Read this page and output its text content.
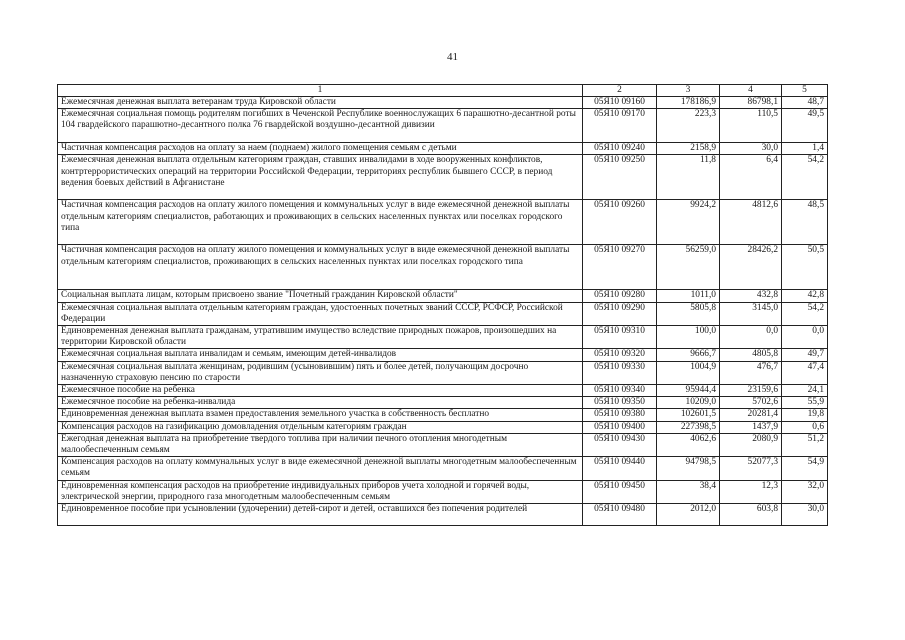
41
1	2	3	4	5
Ежемесячная денежная выплата ветеранам труда Кировской области	05Я10 09160	178186,9	86798,1	48,7
Ежемесячная социальная помощь родителям погибших в Чеченской Республике военнослужащих 6 парашютно-десантной роты 104 гвардейского парашютно-десантного полка 76 гвардейской воздушно-десантной дивизии	05Я10 09170	223,3	110,5	49,5
Частичная компенсация расходов на оплату за наем (поднаем) жилого помещения семьям с детьми	05Я10 09240	2158,9	30,0	1,4
Ежемесячная денежная выплата отдельным категориям граждан, ставших инвалидами в ходе вооруженных конфликтов, контртеррористических операций на территории Российской Федерации, территориях республик бывшего СССР, в период ведения боевых действий в Афганистане	05Я10 09250	11,8	6,4	54,2
Частичная компенсация расходов на оплату жилого помещения и коммунальных услуг в виде ежемесячной денежной выплаты отдельным категориям специалистов, работающих и проживающих в сельских населенных пунктах или поселках городского типа	05Я10 09260	9924,2	4812,6	48,5
Частичная компенсация расходов на оплату жилого помещения и коммунальных услуг в виде ежемесячной денежной выплаты отдельным категориям специалистов, проживающих в сельских населенных пунктах или поселках городского типа	05Я10 09270	56259,0	28426,2	50,5
Социальная выплата лицам, которым присвоено звание "Почетный гражданин Кировской области"	05Я10 09280	1011,0	432,8	42,8
Ежемесячная социальная выплата отдельным категориям граждан, удостоенных почетных званий СССР, РСФСР, Российской Федерации	05Я10 09290	5805,8	3145,0	54,2
Единовременная денежная выплата гражданам, утратившим имущество вследствие природных пожаров, произошедших на территории Кировской области	05Я10 09310	100,0	0,0	0,0
Ежемесячная социальная выплата инвалидам и семьям, имеющим детей-инвалидов	05Я10 09320	9666,7	4805,8	49,7
Ежемесячная социальная выплата женщинам, родившим (усыновившим) пять и более детей, получающим досрочно назначенную страховую пенсию по старости	05Я10 09330	1004,9	476,7	47,4
Ежемесячное пособие на ребенка	05Я10 09340	95944,4	23159,6	24,1
Ежемесячное пособие на ребенка-инвалида	05Я10 09350	10209,0	5702,6	55,9
Единовременная денежная выплата взамен предоставления земельного участка в собственность бесплатно	05Я10 09380	102601,5	20281,4	19,8
Компенсация расходов на газификацию домовладения отдельным категориям граждан	05Я10 09400	227398,5	1437,9	0,6
Ежегодная денежная выплата на приобретение твердого топлива при наличии печного отопления многодетным малообеспеченным семьям	05Я10 09430	4062,6	2080,9	51,2
Компенсация расходов на оплату коммунальных услуг в виде ежемесячной денежной выплаты многодетным малообеспеченным семьям	05Я10 09440	94798,5	52077,3	54,9
Единовременная компенсация расходов на приобретение индивидуальных приборов учета холодной и горячей воды, электрической энергии, природного газа многодетным малообеспеченным семьям	05Я10 09450	38,4	12,3	32,0
Единовременное пособие при усыновлении (удочерении) детей-сирот и детей, оставшихся без попечения родителей	05Я10 09480	2012,0	603,8	30,0
